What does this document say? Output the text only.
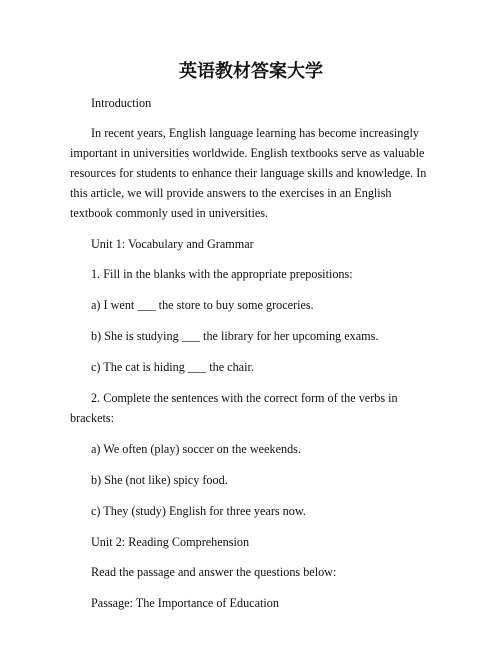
英语教材答案大学

Introduction

In recent years, English language learning has become increasingly important in universities worldwide. English textbooks serve as valuable resources for students to enhance their language skills and knowledge. In this article, we will provide answers to the exercises in an English textbook commonly used in universities.

Unit 1: Vocabulary and Grammar

1. Fill in the blanks with the appropriate prepositions:

a) I went ___ the store to buy some groceries.

b) She is studying ___ the library for her upcoming exams.

c) The cat is hiding ___ the chair.

2. Complete the sentences with the correct form of the verbs in brackets:

a) We often (play) soccer on the weekends.

b) She (not like) spicy food.

c) They (study) English for three years now.

Unit 2: Reading Comprehension

Read the passage and answer the questions below:

Passage: The Importance of Education
